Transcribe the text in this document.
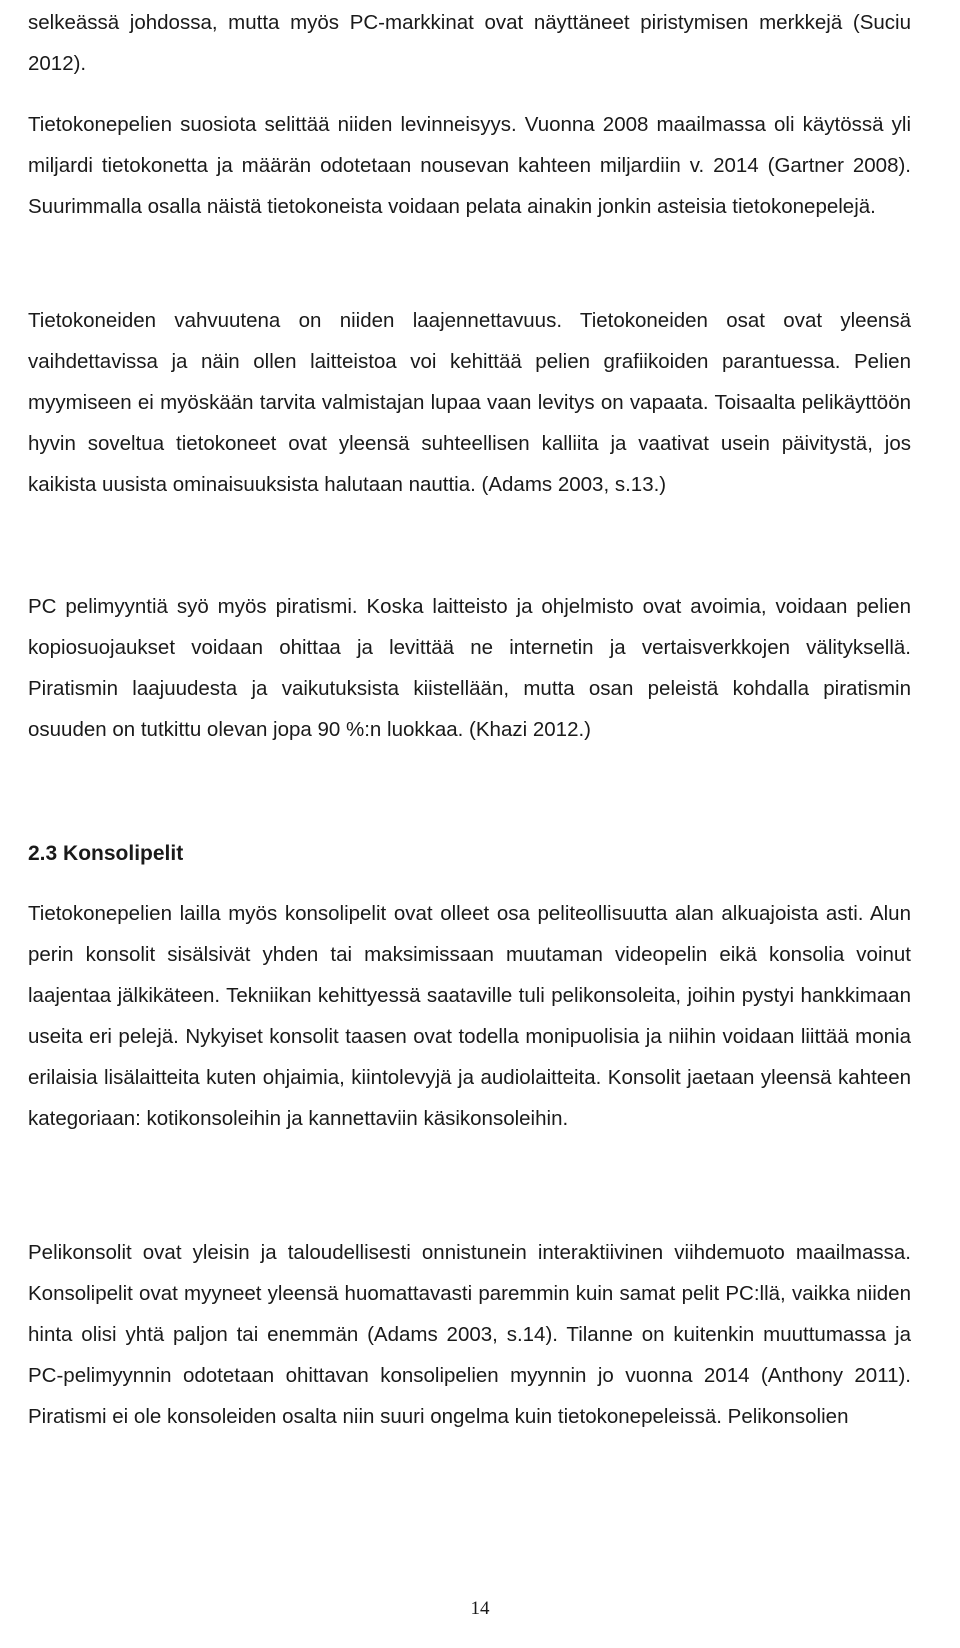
selkeässä johdossa, mutta myös PC-markkinat ovat näyttäneet piristymisen merkkejä (Suciu 2012).

Tietokonepelien suosiota selittää niiden levinneisyys. Vuonna 2008 maailmassa oli käytössä yli miljardi tietokonetta ja määrän odotetaan nousevan kahteen miljardiin v. 2014 (Gartner 2008). Suurimmalla osalla näistä tietokoneista voidaan pelata ainakin jonkin asteisia tietokonepelejä.

Tietokoneiden vahvuutena on niiden laajennettavuus. Tietokoneiden osat ovat yleensä vaihdettavissa ja näin ollen laitteistoa voi kehittää pelien grafiikoiden parantuessa. Pelien myymiseen ei myöskään tarvita valmistajan lupaa vaan levitys on vapaata. Toisaalta pelikäyttöön hyvin soveltua tietokoneet ovat yleensä suhteellisen kalliita ja vaativat usein päivitystä, jos kaikista uusista ominaisuuksista halutaan nauttia. (Adams 2003, s.13.)

PC pelimyyntiä syö myös piratismi. Koska laitteisto ja ohjelmisto ovat avoimia, voidaan pelien kopiosuojaukset voidaan ohittaa ja levittää ne internetin ja vertaisverkkojen välityksellä. Piratismin laajuudesta ja vaikutuksista kiistellään, mutta osan peleistä kohdalla piratismin osuuden on tutkittu olevan jopa 90 %:n luokkaa. (Khazi 2012.)

2.3 Konsolipelit

Tietokonepelien lailla myös konsolipelit ovat olleet osa peliteollisuutta alan alkuajoista asti. Alun perin konsolit sisälsivät yhden tai maksimissaan muutaman videopelin eikä konsolia voinut laajentaa jälkikäteen. Tekniikan kehittyessä saataville tuli pelikonsoleita, joihin pystyi hankkimaan useita eri pelejä. Nykyiset konsolit taasen ovat todella monipuolisia ja niihin voidaan liittää monia erilaisia lisälaitteita kuten ohjaimia, kiintolevyjä ja audiolaitteita. Konsolit jaetaan yleensä kahteen kategoriaan: kotikonsoleihin ja kannettaviin käsikonsoleihin.

Pelikonsolit ovat yleisin ja taloudellisesti onnistunein interaktiivinen viihdemuoto maailmassa. Konsolipelit ovat myyneet yleensä huomattavasti paremmin kuin samat pelit PC:llä, vaikka niiden hinta olisi yhtä paljon tai enemmän (Adams 2003, s.14). Tilanne on kuitenkin muuttumassa ja PC-pelimyynnin odotetaan ohittavan konsolipelien myynnin jo vuonna 2014 (Anthony 2011). Piratismi ei ole konsoleiden osalta niin suuri ongelma kuin tietokonepeleissä. Pelikonsolien

14
